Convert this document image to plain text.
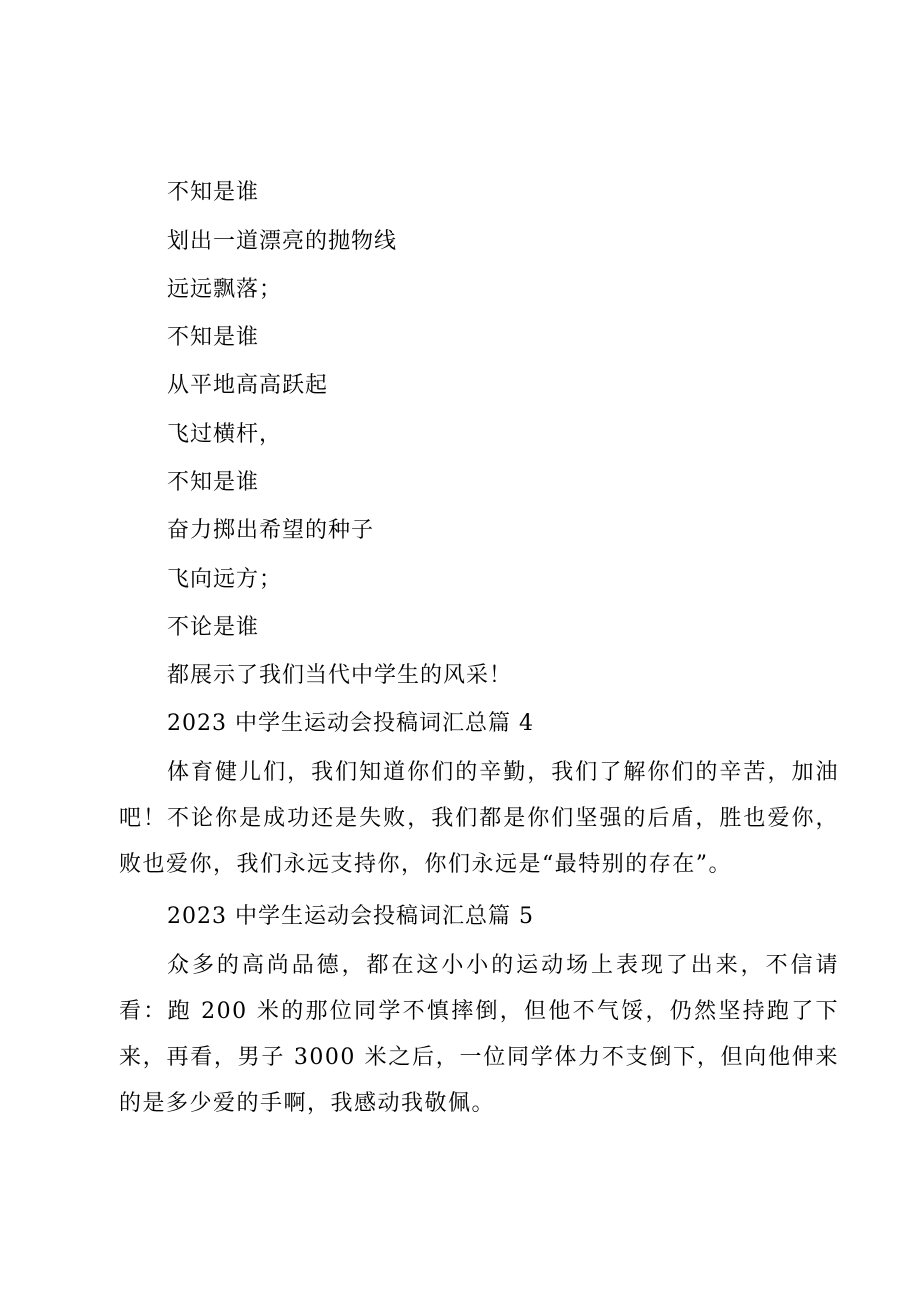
不知是谁
划出一道漂亮的抛物线
远远飘落；
不知是谁
从平地高高跃起
飞过横杆，
不知是谁
奋力掷出希望的种子
飞向远方；
不论是谁
都展示了我们当代中学生的风采！
2023 中学生运动会投稿词汇总篇 4
体育健儿们，我们知道你们的辛勤，我们了解你们的辛苦，加油吧！不论你是成功还是失败，我们都是你们坚强的后盾，胜也爱你，败也爱你，我们永远支持你，你们永远是“最特别的存在”。
2023 中学生运动会投稿词汇总篇 5
众多的高尚品德，都在这小小的运动场上表现了出来，不信请看：跑 200 米的那位同学不慎摔倒，但他不气馁，仍然坚持跑了下来，再看，男子 3000 米之后，一位同学体力不支倒下，但向他伸来的是多少爱的手啊，我感动我敬佩。
